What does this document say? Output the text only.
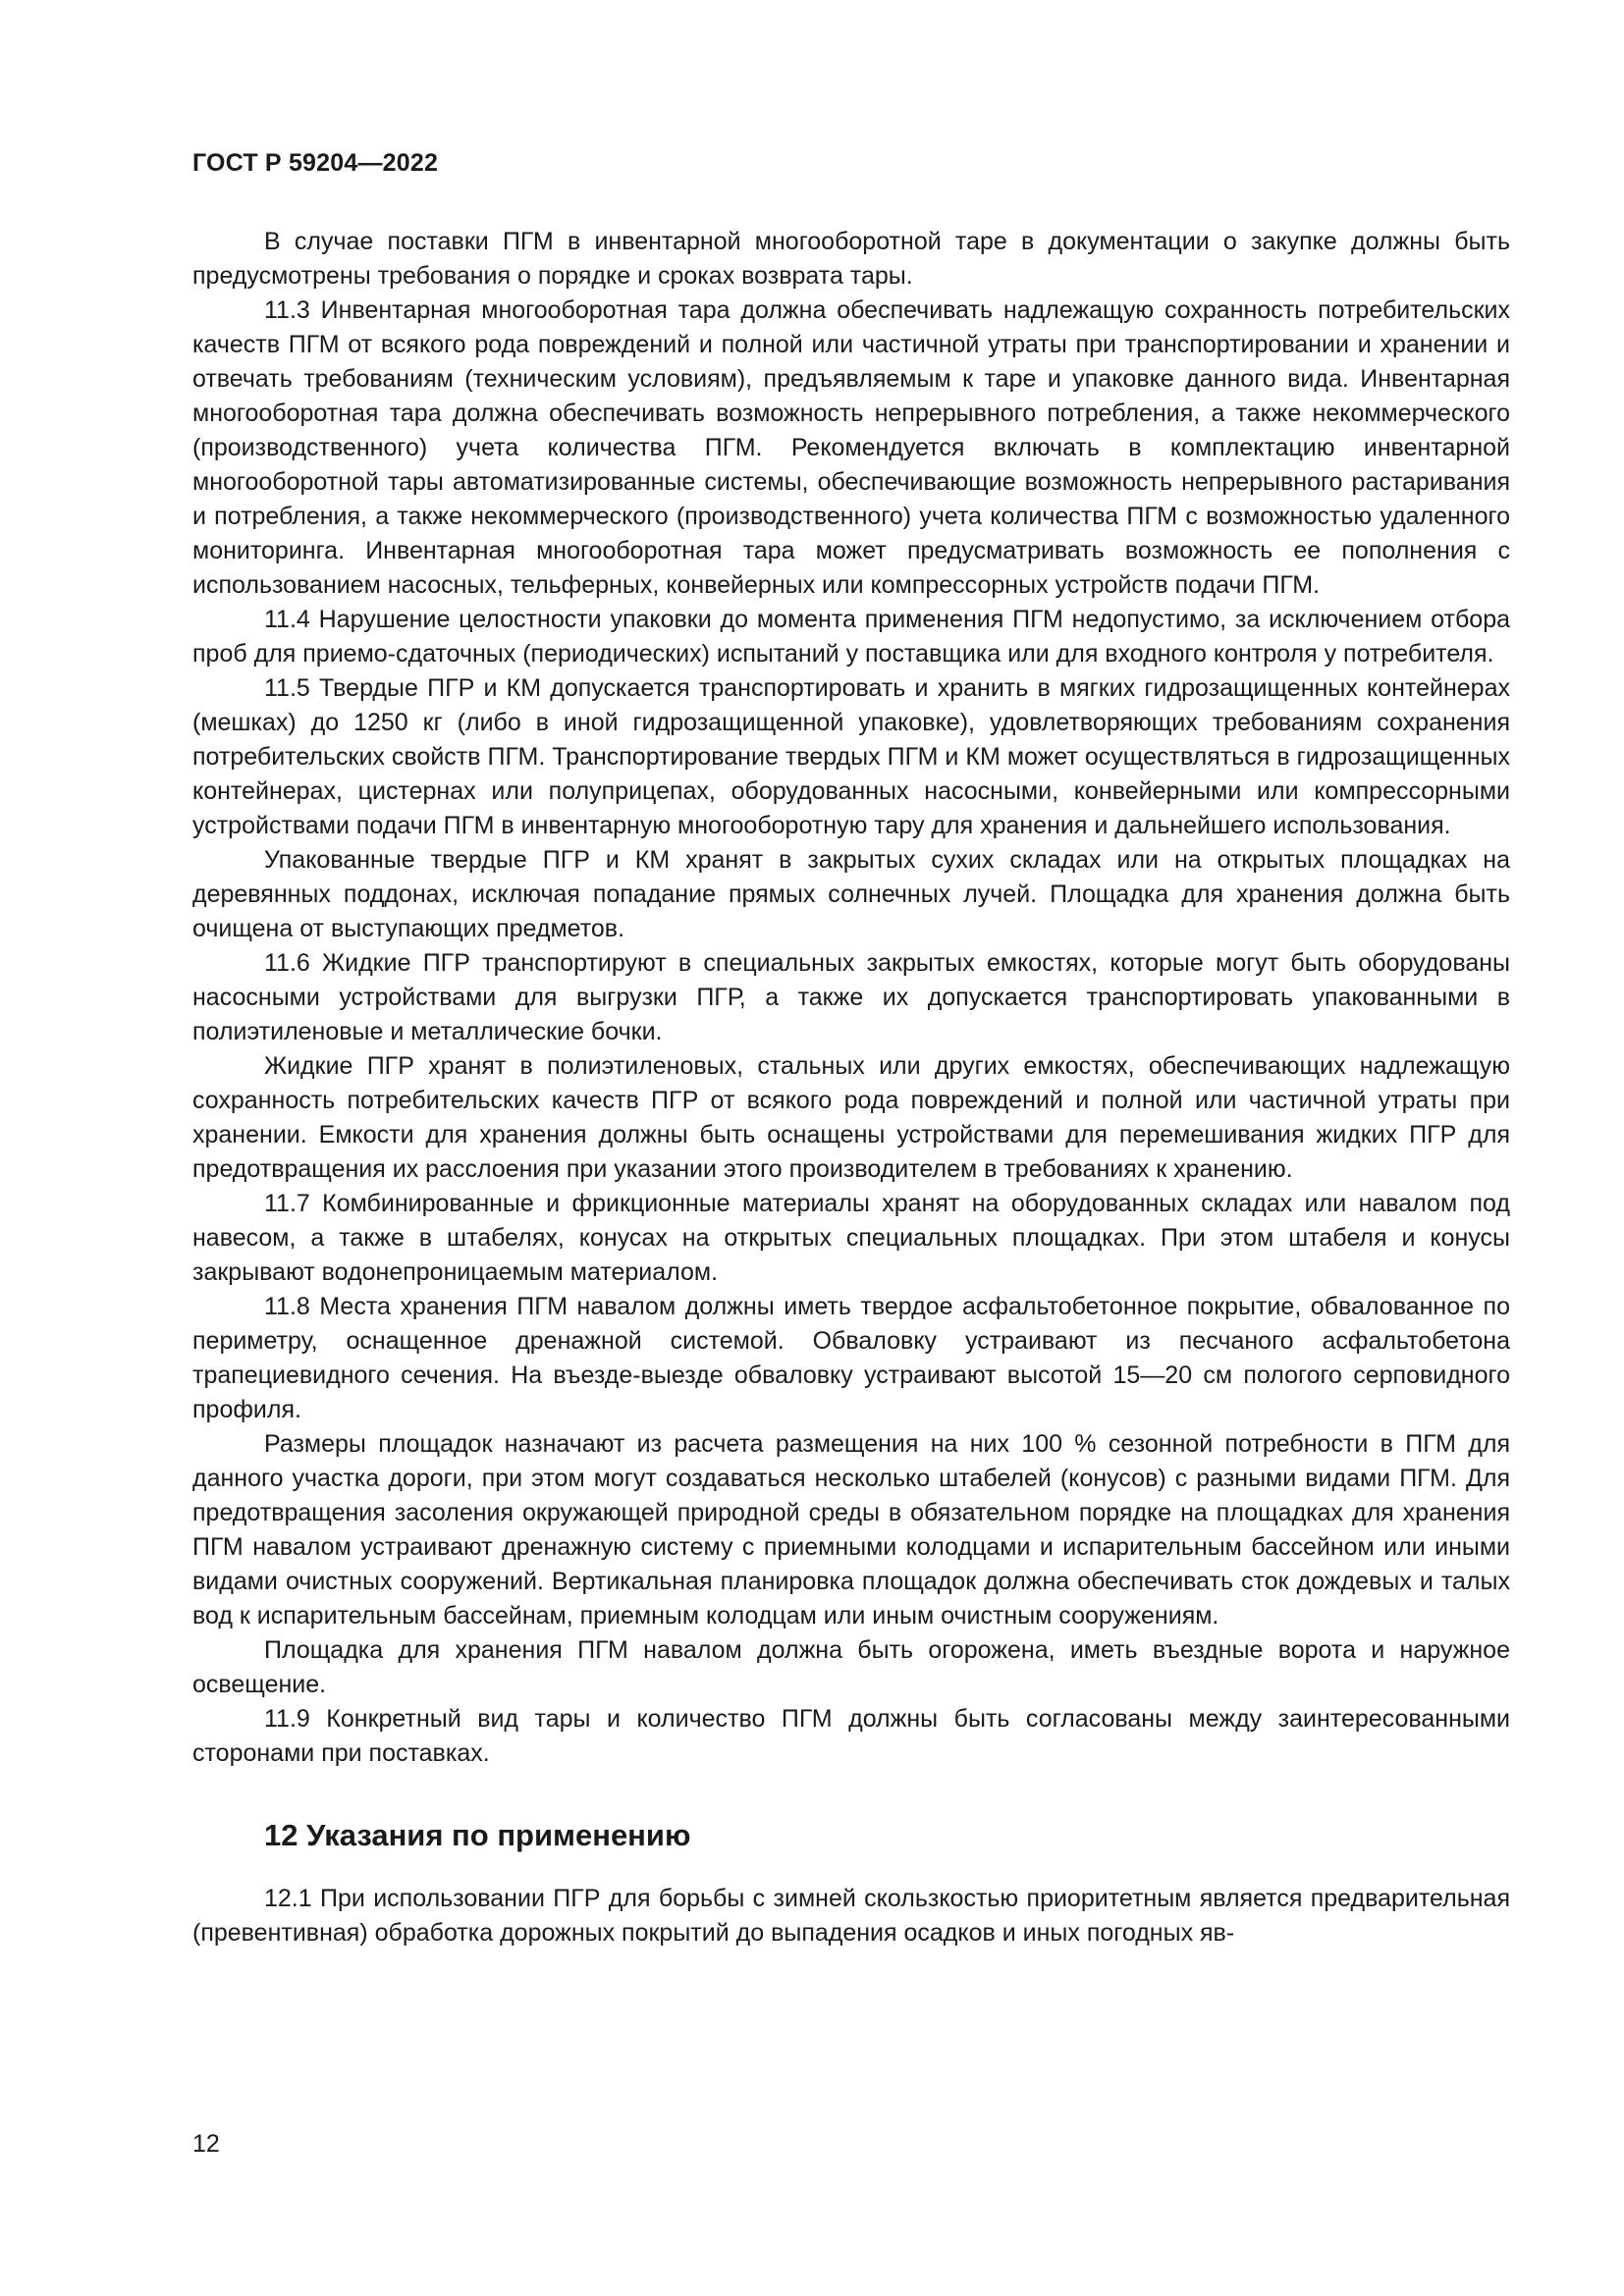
ГОСТ Р 59204—2022

В случае поставки ПГМ в инвентарной многооборотной таре в документации о закупке должны быть предусмотрены требования о порядке и сроках возврата тары.

11.3 Инвентарная многооборотная тара должна обеспечивать надлежащую сохранность потребительских качеств ПГМ от всякого рода повреждений и полной или частичной утраты при транспортировании и хранении и отвечать требованиям (техническим условиям), предъявляемым к таре и упаковке данного вида. Инвентарная многооборотная тара должна обеспечивать возможность непрерывного потребления, а также некоммерческого (производственного) учета количества ПГМ. Рекомендуется включать в комплектацию инвентарной многооборотной тары автоматизированные системы, обеспечивающие возможность непрерывного растаривания и потребления, а также некоммерческого (производственного) учета количества ПГМ с возможностью удаленного мониторинга. Инвентарная многооборотная тара может предусматривать возможность ее пополнения с использованием насосных, тельферных, конвейерных или компрессорных устройств подачи ПГМ.

11.4 Нарушение целостности упаковки до момента применения ПГМ недопустимо, за исключением отбора проб для приемо-сдаточных (периодических) испытаний у поставщика или для входного контроля у потребителя.

11.5 Твердые ПГР и КМ допускается транспортировать и хранить в мягких гидрозащищенных контейнерах (мешках) до 1250 кг (либо в иной гидрозащищенной упаковке), удовлетворяющих требованиям сохранения потребительских свойств ПГМ. Транспортирование твердых ПГМ и КМ может осуществляться в гидрозащищенных контейнерах, цистернах или полуприцепах, оборудованных насосными, конвейерными или компрессорными устройствами подачи ПГМ в инвентарную многооборотную тару для хранения и дальнейшего использования.

Упакованные твердые ПГР и КМ хранят в закрытых сухих складах или на открытых площадках на деревянных поддонах, исключая попадание прямых солнечных лучей. Площадка для хранения должна быть очищена от выступающих предметов.

11.6 Жидкие ПГР транспортируют в специальных закрытых емкостях, которые могут быть оборудованы насосными устройствами для выгрузки ПГР, а также их допускается транспортировать упакованными в полиэтиленовые и металлические бочки.

Жидкие ПГР хранят в полиэтиленовых, стальных или других емкостях, обеспечивающих надлежащую сохранность потребительских качеств ПГР от всякого рода повреждений и полной или частичной утраты при хранении. Емкости для хранения должны быть оснащены устройствами для перемешивания жидких ПГР для предотвращения их расслоения при указании этого производителем в требованиях к хранению.

11.7 Комбинированные и фрикционные материалы хранят на оборудованных складах или навалом под навесом, а также в штабелях, конусах на открытых специальных площадках. При этом штабеля и конусы закрывают водонепроницаемым материалом.

11.8 Места хранения ПГМ навалом должны иметь твердое асфальтобетонное покрытие, обвалованное по периметру, оснащенное дренажной системой. Обваловку устраивают из песчаного асфальтобетона трапециевидного сечения. На въезде-выезде обваловку устраивают высотой 15—20 см пологого серповидного профиля.

Размеры площадок назначают из расчета размещения на них 100 % сезонной потребности в ПГМ для данного участка дороги, при этом могут создаваться несколько штабелей (конусов) с разными видами ПГМ. Для предотвращения засоления окружающей природной среды в обязательном порядке на площадках для хранения ПГМ навалом устраивают дренажную систему с приемными колодцами и испарительным бассейном или иными видами очистных сооружений. Вертикальная планировка площадок должна обеспечивать сток дождевых и талых вод к испарительным бассейнам, приемным колодцам или иным очистным сооружениям.

Площадка для хранения ПГМ навалом должна быть огорожена, иметь въездные ворота и наружное освещение.

11.9 Конкретный вид тары и количество ПГМ должны быть согласованы между заинтересованными сторонами при поставках.

12 Указания по применению

12.1 При использовании ПГР для борьбы с зимней скользкостью приоритетным является предварительная (превентивная) обработка дорожных покрытий до выпадения осадков и иных погодных яв-

12
